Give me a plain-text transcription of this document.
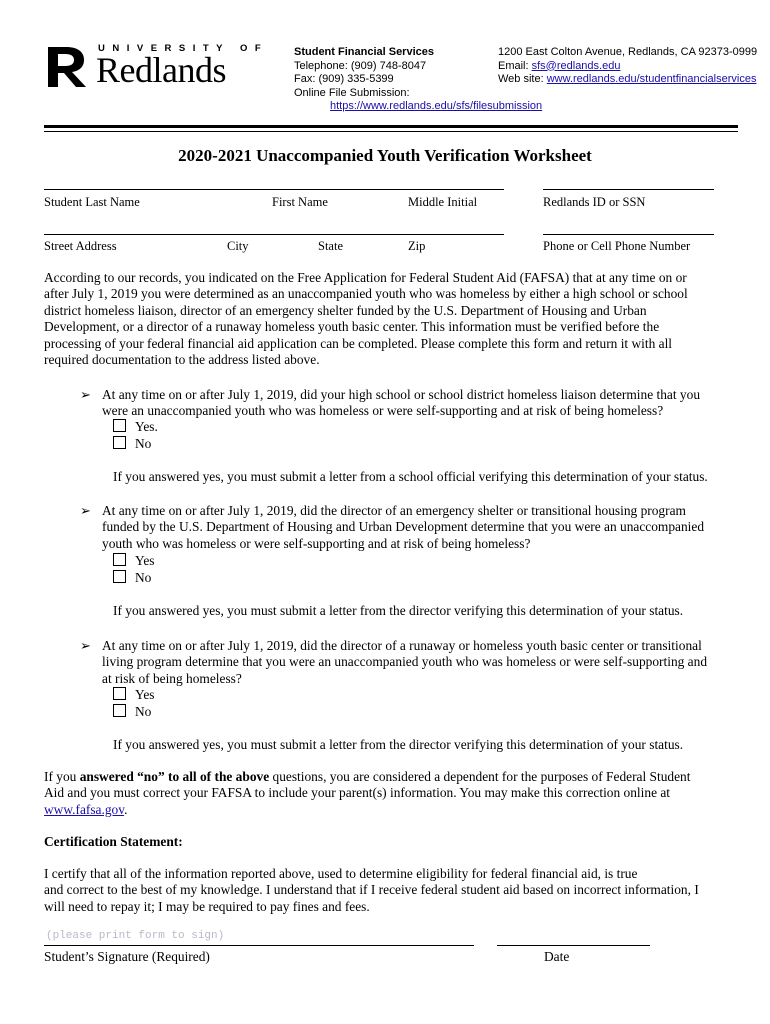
UNIVERSITY OF
Redlands	Student Financial Services
Telephone: (909) 748-8047
Fax: (909) 335-5399
Online File Submission:
https://www.redlands.edu/sfs/filesubmission
1200 East Colton Avenue, Redlands, CA 92373-0999
Email: sfs@redlands.edu
Web site: www.redlands.edu/studentfinancialservices
2020-2021 Unaccompanied Youth Verification Worksheet
Student Last Name	First Name	Middle Initial	Redlands ID or SSN
Street Address	City	State	Zip	Phone or Cell Phone Number
According to our records, you indicated on the Free Application for Federal Student Aid (FAFSA) that at any time on or
after July 1, 2019 you were determined as an unaccompanied youth who was homeless by either a high school or school
district homeless liaison, director of an emergency shelter funded by the U.S. Department of Housing and Urban
Development, or a director of a runaway homeless youth basic center. This information must be verified before the
processing of your federal financial aid application can be completed. Please complete this form and return it with all
required documentation to the address listed above.
➢ At any time on or after July 1, 2019, did your high school or school district homeless liaison determine that you
were an unaccompanied youth who was homeless or were self-supporting and at risk of being homeless?
Yes.
No
If you answered yes, you must submit a letter from a school official verifying this determination of your status.
➢ At any time on or after July 1, 2019, did the director of an emergency shelter or transitional housing program
funded by the U.S. Department of Housing and Urban Development determine that you were an unaccompanied
youth who was homeless or were self-supporting and at risk of being homeless?
Yes
No
If you answered yes, you must submit a letter from the director verifying this determination of your status.
➢ At any time on or after July 1, 2019, did the director of a runaway or homeless youth basic center or transitional
living program determine that you were an unaccompanied youth who was homeless or were self-supporting and
at risk of being homeless?
Yes
No
If you answered yes, you must submit a letter from the director verifying this determination of your status.
If you answered “no” to all of the above questions, you are considered a dependent for the purposes of Federal Student
Aid and you must correct your FAFSA to include your parent(s) information. You may make this correction online at
www.fafsa.gov.
Certification Statement:
I certify that all of the information reported above, used to determine eligibility for federal financial aid, is true
and correct to the best of my knowledge. I understand that if I receive federal student aid based on incorrect information, I
will need to repay it; I may be required to pay fines and fees.
(please print form to sign)
Student’s Signature (Required)	Date
